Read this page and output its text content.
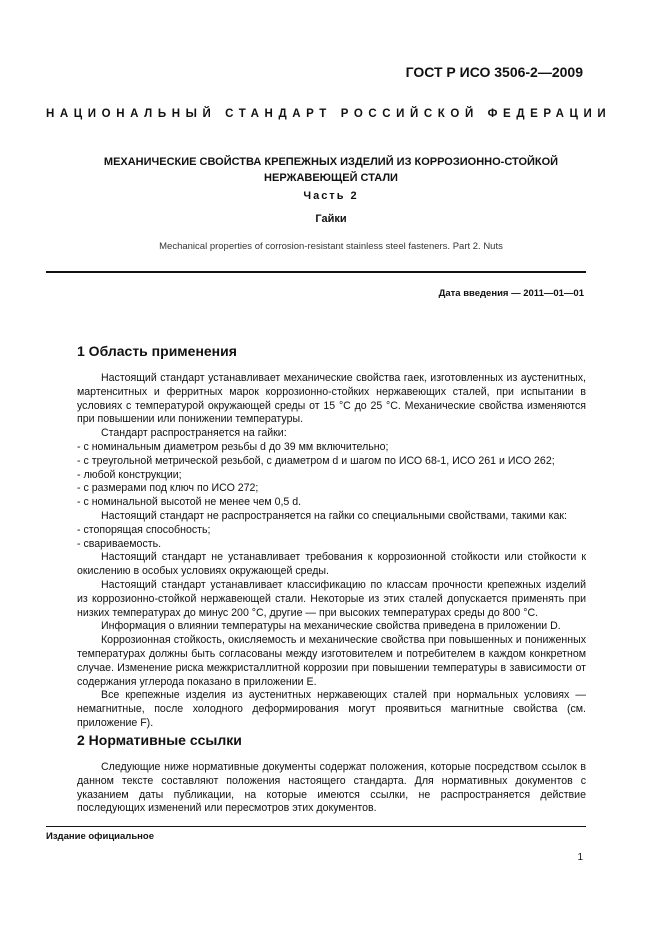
ГОСТ Р ИСО 3506-2—2009
НАЦИОНАЛЬНЫЙ СТАНДАРТ РОССИЙСКОЙ ФЕДЕРАЦИИ
МЕХАНИЧЕСКИЕ СВОЙСТВА КРЕПЕЖНЫХ ИЗДЕЛИЙ ИЗ КОРРОЗИОННО-СТОЙКОЙ
НЕРЖАВЕЮЩЕЙ СТАЛИ
Часть 2
Гайки
Mechanical properties of corrosion-resistant stainless steel fasteners. Part 2. Nuts
Дата введения — 2011—01—01
1 Область применения

Настоящий стандарт устанавливает механические свойства гаек, изготовленных из аустенитных, мартенситных и ферритных марок коррозионно-стойких нержавеющих сталей, при испытании в условиях с температурой окружающей среды от 15 °С до 25 °С. Механические свойства изменяются при повышении или понижении температуры.

Стандарт распространяется на гайки:

- с номинальным диаметром резьбы d до 39 мм включительно;

- с треугольной метрической резьбой, с диаметром d и шагом по ИСО 68-1, ИСО 261 и ИСО 262;

- любой конструкции;

- с размерами под ключ по ИСО 272;

- с номинальной высотой не менее чем 0,5 d.

Настоящий стандарт не распространяется на гайки со специальными свойствами, такими как:

- стопорящая способность;

- свариваемость.

Настоящий стандарт не устанавливает требования к коррозионной стойкости или стойкости к окислению в особых условиях окружающей среды.

Настоящий стандарт устанавливает классификацию по классам прочности крепежных изделий из коррозионно-стойкой нержавеющей стали. Некоторые из этих сталей допускается применять при низких температурах до минус 200 °С, другие — при высоких температурах среды до 800 °С.

Информация о влиянии температуры на механические свойства приведена в приложении D.

Коррозионная стойкость, окисляемость и механические свойства при повышенных и пониженных температурах должны быть согласованы между изготовителем и потребителем в каждом конкретном случае. Изменение риска межкристаллитной коррозии при повышении температуры в зависимости от содержания углерода показано в приложении Е.

Все крепежные изделия из аустенитных нержавеющих сталей при нормальных условиях — немагнитные, после холодного деформирования могут проявиться магнитные свойства (см. приложение F).

2 Нормативные ссылки

Следующие ниже нормативные документы содержат положения, которые посредством ссылок в данном тексте составляют положения настоящего стандарта. Для нормативных документов с указанием даты публикации, на которые имеются ссылки, не распространяется действие последующих изменений или пересмотров этих документов.

Издание официальное
1
